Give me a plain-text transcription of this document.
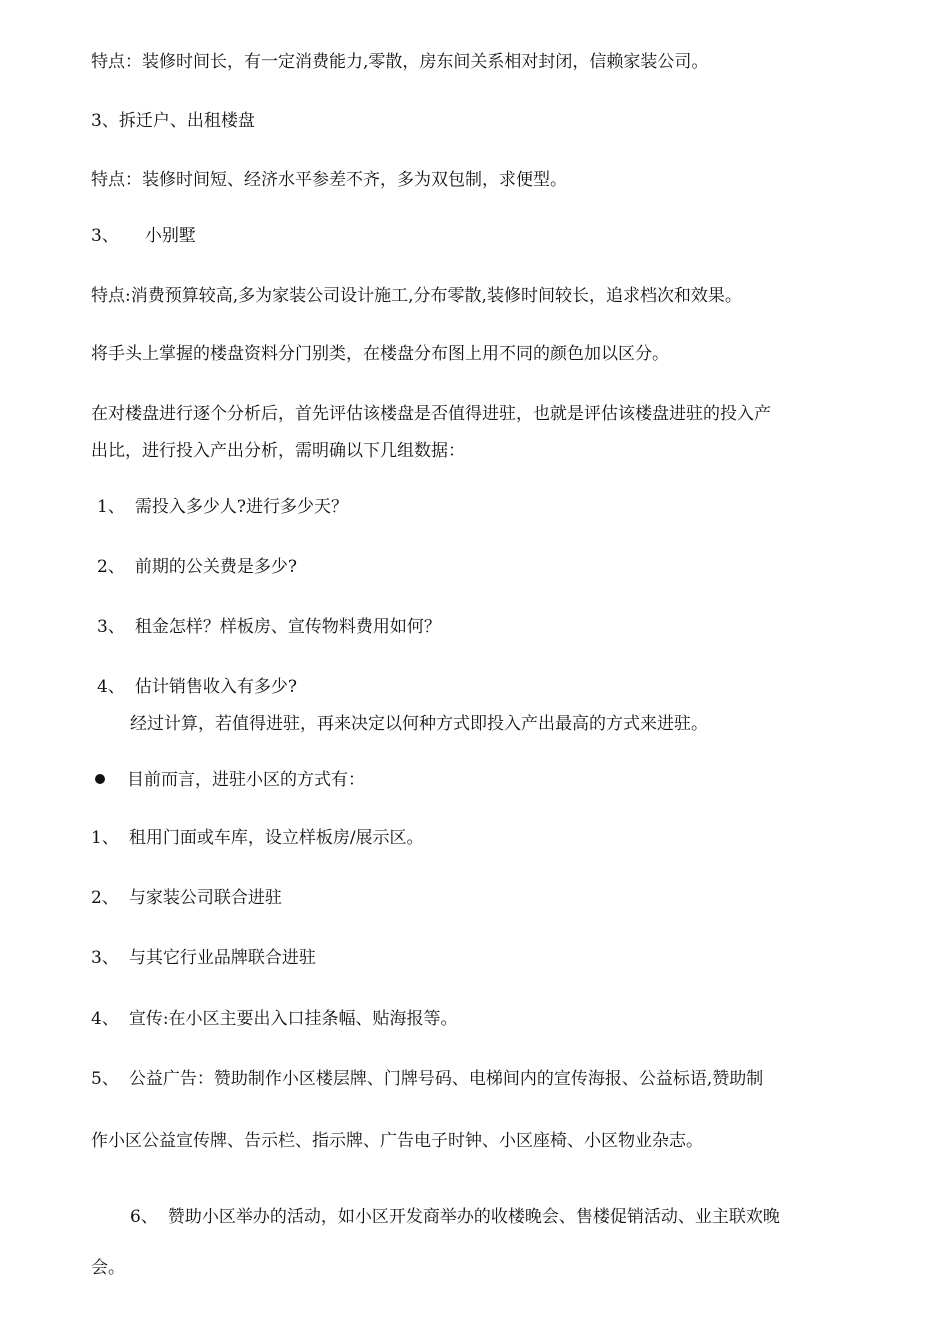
特点：装修时间长，有一定消费能力,零散，房东间关系相对封闭，信赖家装公司。
3、拆迁户、出租楼盘
特点：装修时间短、经济水平参差不齐，多为双包制，求便型。
3、 小别墅
特点:消费预算较高,多为家装公司设计施工,分布零散,装修时间较长，追求档次和效果。
将手头上掌握的楼盘资料分门别类，在楼盘分布图上用不同的颜色加以区分。
在对楼盘进行逐个分析后，首先评估该楼盘是否值得进驻，也就是评估该楼盘进驻的投入产
出比，进行投入产出分析，需明确以下几组数据：
1、 需投入多少人?进行多少天？
2、 前期的公关费是多少?
3、 租金怎样？样板房、宣传物料费用如何？
4、 估计销售收入有多少?
经过计算，若值得进驻，再来决定以何种方式即投入产出最高的方式来进驻。
目前而言，进驻小区的方式有：
1、 租用门面或车库，设立样板房/展示区。
2、 与家装公司联合进驻
3、 与其它行业品牌联合进驻
4、 宣传:在小区主要出入口挂条幅、贴海报等。
5、 公益广告：赞助制作小区楼层牌、门牌号码、电梯间内的宣传海报、公益标语,赞助制
作小区公益宣传牌、告示栏、指示牌、广告电子时钟、小区座椅、小区物业杂志。
6、 赞助小区举办的活动，如小区开发商举办的收楼晚会、售楼促销活动、业主联欢晚
会。
